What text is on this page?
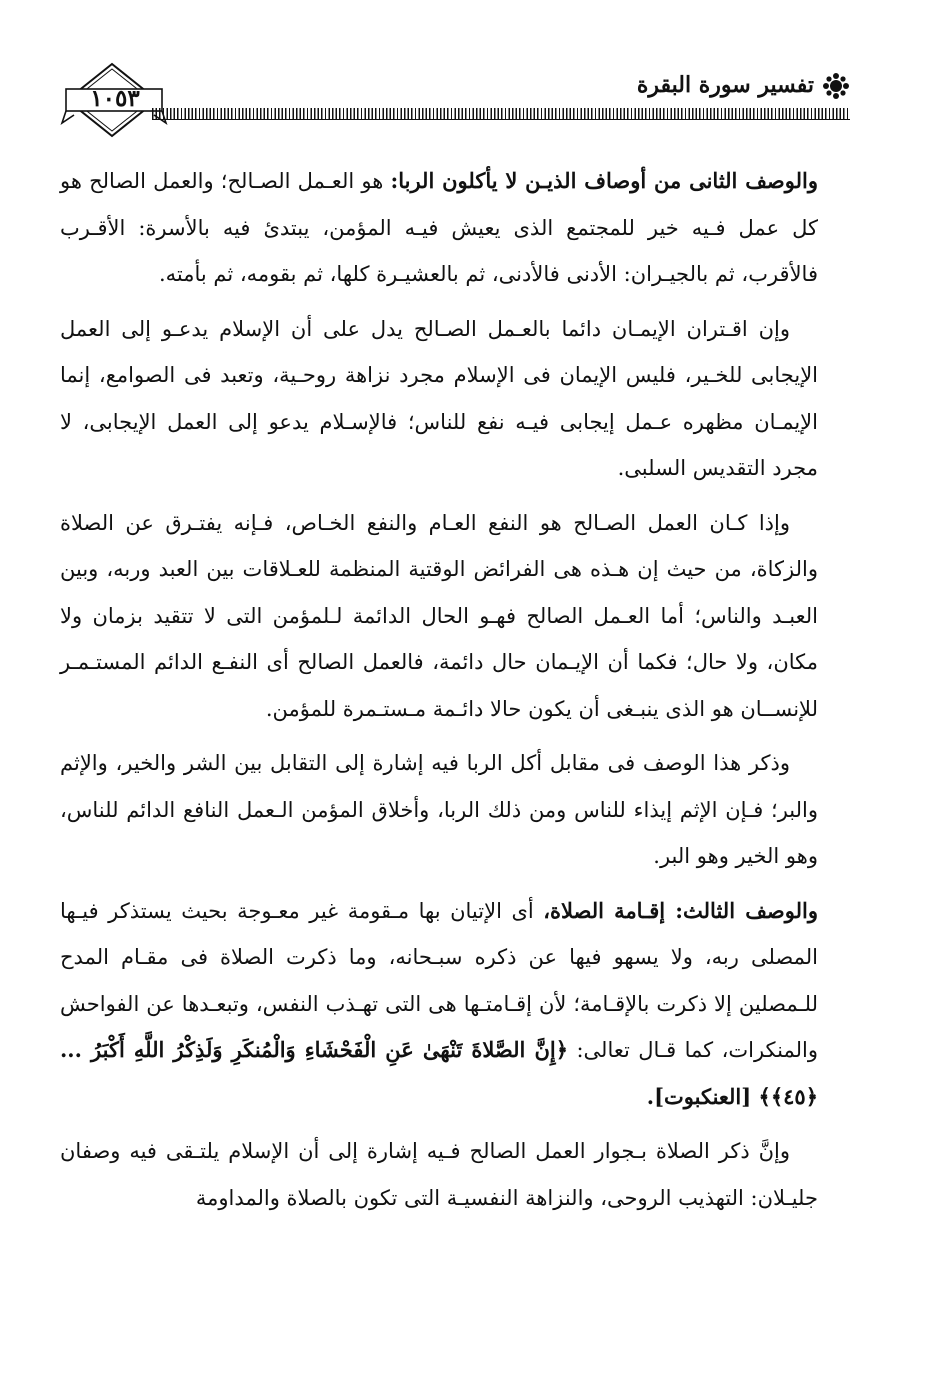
١٠٥٣	تفسير سورة البقرة

والوصف الثانى من أوصاف الذيـن لا يأكلون الربا: هو العـمل الصـالح؛ والعمل الصالح هو كل عمل فـيه خير للمجتمع الذى يعيش فيـه المؤمن، يبتدئ فيه بالأسرة: الأقـرب فالأقرب، ثم بالجيـران: الأدنى فالأدنى، ثم بالعشيـرة كلها، ثم بقومه، ثم بأمته.

وإن اقـتران الإيمـان دائما بالعـمل الصـالح يدل على أن الإسلام يدعـو إلى العمل الإيجابى للخـير، فليس الإيمان فى الإسلام مجرد نزاهة روحـية، وتعبد فى الصوامع، إنما الإيمـان مظهره عـمل إيجابى فيـه نفع للناس؛ فالإسـلام يدعو إلى العمل الإيجابى، لا مجرد التقديس السلبى.

وإذا كـان العمل الصـالح هو النفع العـام والنفع الخـاص، فـإنه يفتـرق عن الصلاة والزكاة، من حيث إن هـذه هى الفرائض الوقتية المنظمة للعـلاقات بين العبد وربه، وبين العبـد والناس؛ أما العـمل الصالح فهـو الحال الدائمة لـلمؤمن التى لا تتقيد بزمان ولا مكان، ولا حال؛ فكما أن الإيـمان حال دائمة، فالعمل الصالح أى النفـع الدائم المستـمـر للإنســان هو الذى ينبـغى أن يكون حالا دائـمة مـستـمرة للمؤمن.

وذكر هذا الوصف فى مقابل أكل الربا فيه إشارة إلى التقابل بين الشر والخير، والإثم والبر؛ فـإن الإثم إيذاء للناس ومن ذلك الربا، وأخلاق المؤمن الـعمل النافع الدائم للناس، وهو الخير وهو البر.

والوصف الثالث: إقـامة الصلاة، أى الإتيان بها مـقومة غير معـوجة بحيث يستذكر فيـها المصلى ربه، ولا يسهو فيها عن ذكره سبـحانه، وما ذكرت الصلاة فى مقـام المدح للـمصلين إلا ذكرت بالإقـامة؛ لأن إقـامتـها هى التى تهـذب النفس، وتبعـدها عن الفواحش والمنكرات، كما قـال تعالى: ﴿إِنَّ الصَّلاةَ تَنْهَىٰ عَنِ الْفَحْشَاءِ وَالْمُنكَرِ وَلَذِكْرُ اللَّهِ أَكْبَرُ ... ﴿٤٥﴾﴾ [العنكبوت].

وإنَّ ذكر الصلاة بـجوار العمل الصالح فـيه إشارة إلى أن الإسلام يلتـقى فيه وصفان جليـلان: التهذيب الروحى، والنزاهة النفسيـة التى تكون بالصلاة والمداومة
